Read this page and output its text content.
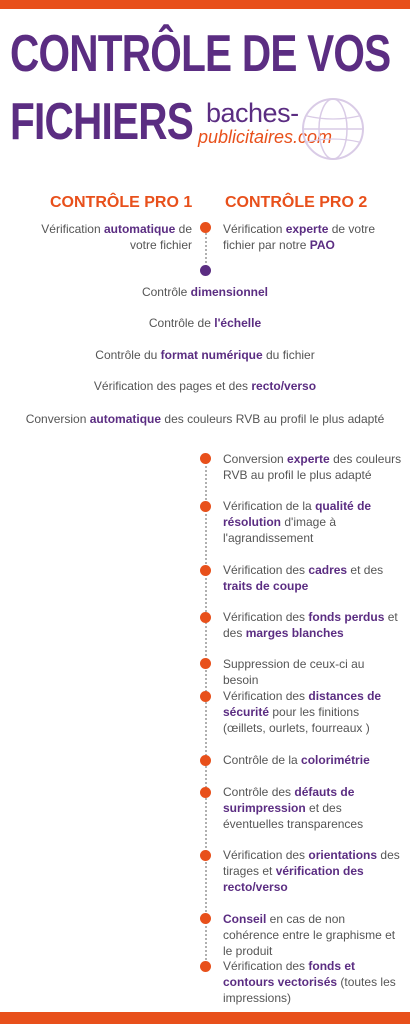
CONTRÔLE DE VOS
FICHIERS baches-
publicitaires.com
CONTRÔLE PRO 1 CONTRÔLE PRO 2
Vérification automatique de votre fichier
Vérification experte de votre fichier par notre PAO
Contrôle dimensionnel
Contrôle de l'échelle
Contrôle du format numérique du fichier
Vérification des pages et des recto/verso
Conversion automatique des couleurs RVB au profil le plus adapté
Conversion experte des couleurs RVB au profil le plus adapté
Vérification de la qualité de résolution d'image à l'agrandissement
Vérification des cadres et des traits de coupe
Vérification des fonds perdus et des marges blanches
Suppression de ceux-ci au besoin
Vérification des distances de sécurité pour les finitions (œillets, ourlets, fourreaux )
Contrôle de la colorimétrie
Contrôle des défauts de surimpression et des éventuelles transparences
Vérification des orientations des tirages et vérification des recto/verso
Conseil en cas de non cohérence entre le graphisme et le produit
Vérification des fonds et contours vectorisés (toutes les impressions)
